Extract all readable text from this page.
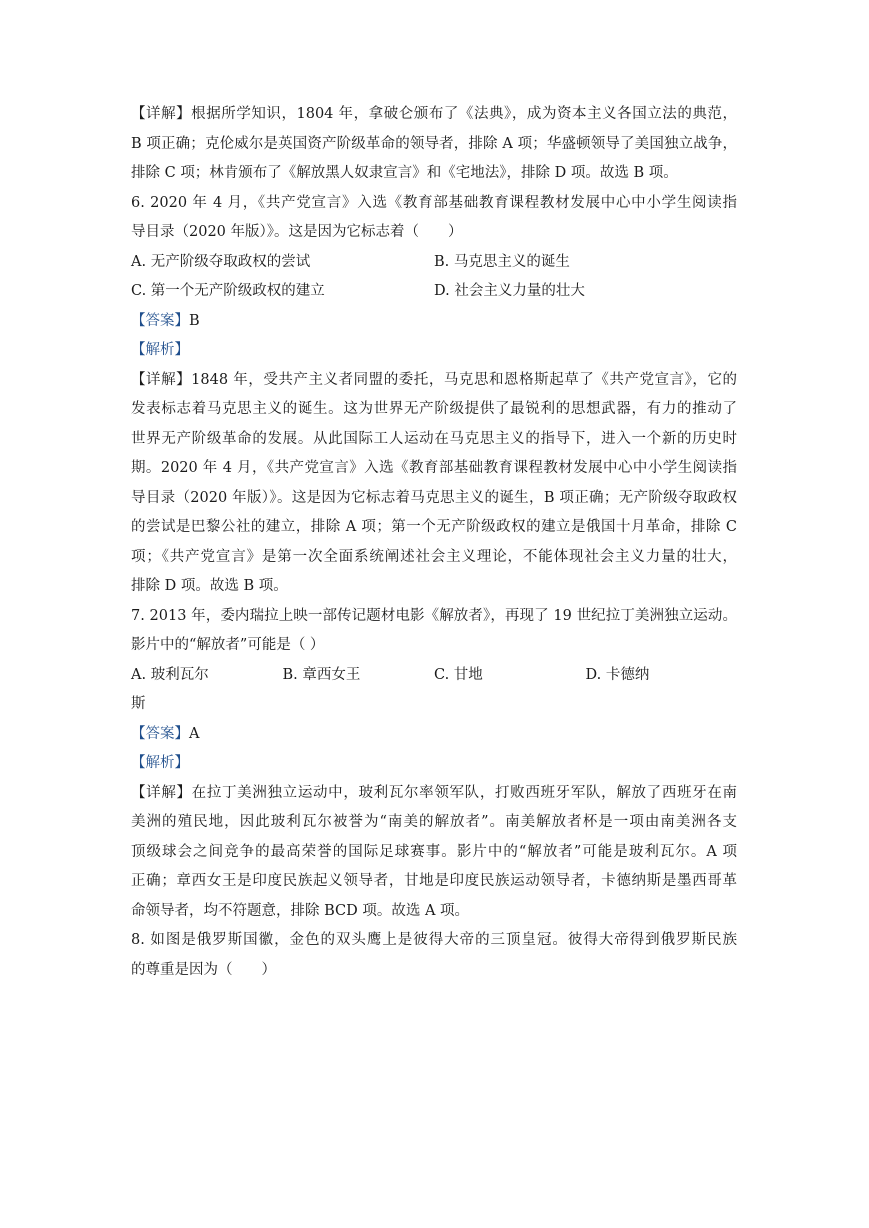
【详解】根据所学知识，1804 年，拿破仑颁布了《法典》，成为资本主义各国立法的典范，
B 项正确；克伦威尔是英国资产阶级革命的领导者，排除 A 项；华盛顿领导了美国独立战争，
排除 C 项；林肯颁布了《解放黑人奴隶宣言》和《宅地法》，排除 D 项。故选 B 项。
6. 2020 年 4 月，《共产党宣言》入选《教育部基础教育课程教材发展中心中小学生阅读指
导目录（2020 年版）》。这是因为它标志着（　　）
A. 无产阶级夺取政权的尝试	B. 马克思主义的诞生
C. 第一个无产阶级政权的建立	D. 社会主义力量的壮大
【答案】B
【解析】
【详解】1848 年，受共产主义者同盟的委托，马克思和恩格斯起草了《共产党宣言》，它的
发表标志着马克思主义的诞生。这为世界无产阶级提供了最锐利的思想武器，有力的推动了
世界无产阶级革命的发展。从此国际工人运动在马克思主义的指导下，进入一个新的历史时
期。2020 年 4 月，《共产党宣言》入选《教育部基础教育课程教材发展中心中小学生阅读指
导目录（2020 年版）》。这是因为它标志着马克思主义的诞生，B 项正确；无产阶级夺取政权
的尝试是巴黎公社的建立，排除 A 项；第一个无产阶级政权的建立是俄国十月革命，排除 C
项；《共产党宣言》是第一次全面系统阐述社会主义理论，不能体现社会主义力量的壮大，
排除 D 项。故选 B 项。
7. 2013 年，委内瑞拉上映一部传记题材电影《解放者》，再现了 19 世纪拉丁美洲独立运动。
影片中的“解放者”可能是（ ）
A. 玻利瓦尔	B. 章西女王	C. 甘地	D. 卡德纳
斯
【答案】A
【解析】
【详解】在拉丁美洲独立运动中，玻利瓦尔率领军队，打败西班牙军队，解放了西班牙在南
美洲的殖民地，因此玻利瓦尔被誉为“南美的解放者”。南美解放者杯是一项由南美洲各支
顶级球会之间竞争的最高荣誉的国际足球赛事。影片中的“解放者”可能是玻利瓦尔。A 项
正确；章西女王是印度民族起义领导者，甘地是印度民族运动领导者，卡德纳斯是墨西哥革
命领导者，均不符题意，排除 BCD 项。故选 A 项。
8. 如图是俄罗斯国徽，金色的双头鹰上是彼得大帝的三顶皇冠。彼得大帝得到俄罗斯民族
的尊重是因为（　　）
